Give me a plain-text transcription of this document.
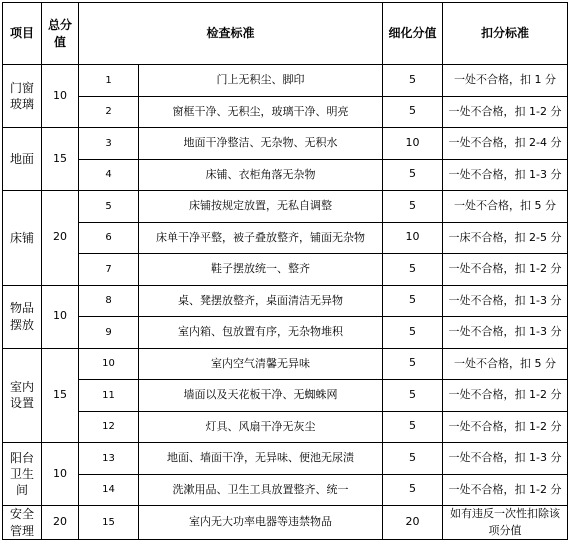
项目	总分值	检查标准		细化分值	扣分标准
门窗玻璃	10	1	门上无积尘、脚印	5	一处不合格，扣 1 分
		2	窗框干净、无积尘，玻璃干净、明亮	5	一处不合格，扣 1-2 分
地面	15	3	地面干净整洁、无杂物、无积水	10	一处不合格，扣 2-4 分
		4	床铺、衣柜角落无杂物	5	一处不合格，扣 1-3 分
床铺	20	5	床铺按规定放置，无私自调整	5	一处不合格，扣 5 分
		6	床单干净平整，被子叠放整齐，铺面无杂物	10	一床不合格，扣 2-5 分
		7	鞋子摆放统一、整齐	5	一处不合格，扣 1-2 分
物品摆放	10	8	桌、凳摆放整齐，桌面清洁无异物	5	一处不合格，扣 1-3 分
		9	室内箱、包放置有序，无杂物堆积	5	一处不合格，扣 1-3 分
室内设置	15	10	室内空气清馨无异味	5	一处不合格，扣 5 分
		11	墙面以及天花板干净、无蜘蛛网	5	一处不合格，扣 1-2 分
		12	灯具、风扇干净无灰尘	5	一处不合格，扣 1-2 分
阳台卫生间	10	13	地面、墙面干净，无异味、便池无尿渍	5	一处不合格，扣 1-3 分
		14	洗漱用品、卫生工具放置整齐、统一	5	一处不合格，扣 1-2 分
安全管理	20	15	室内无大功率电器等违禁物品	20	如有违反一次性扣除该项分值
